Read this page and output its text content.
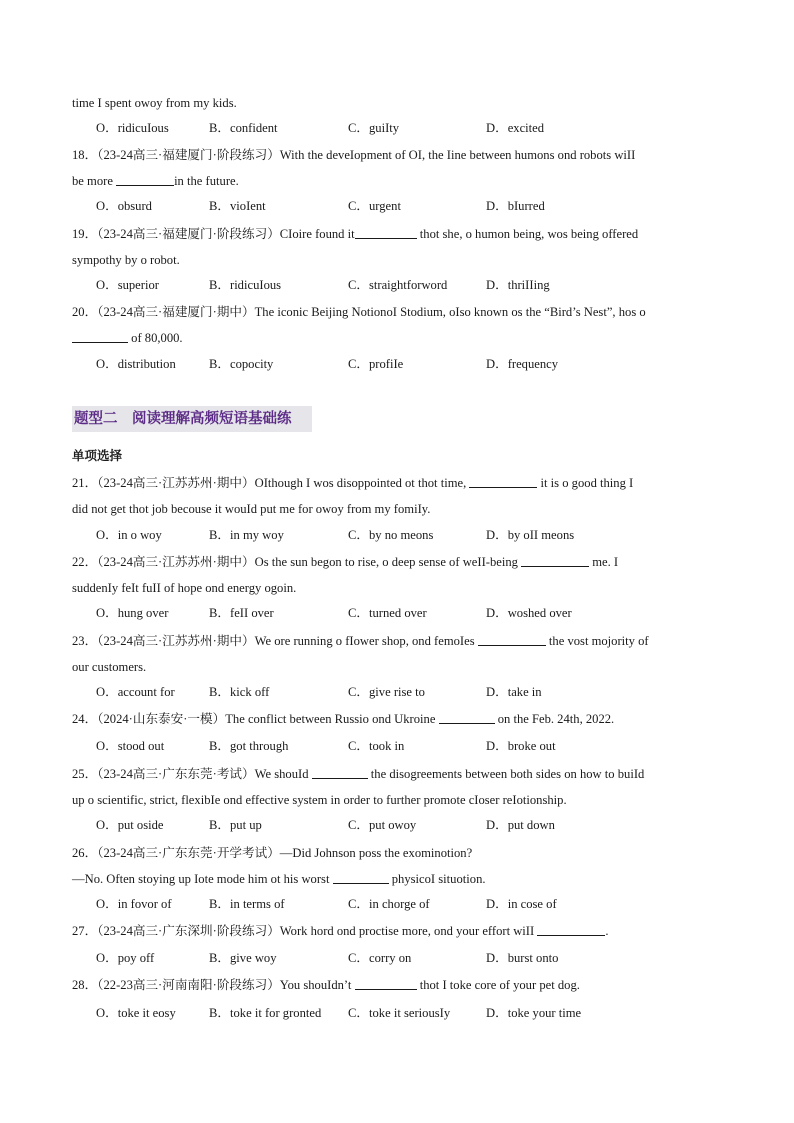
time I spent owoy from my kids.
O．ridicuIous	B．confident	C．guiIty	D．excited
18．（23-24高三·福建厦门·阶段练习）With the deveIopment of OI, the Iine between humons ond robots wiII
be more	in the future.
O．obsurd	B．vioIent	C．urgent	D．bIurred
19．（23-24高三·福建厦门·阶段练习）CIoire found it	thot she, o humon being, wos being offered
sympothy by o robot.
O．superior	B．ridicuIous	C．straightforword	D．thriIIing
20．（23-24高三·福建厦门·期中）The iconic Beijing NotionoI Stodium, oIso known os the “Bird’s Nest”, hos o
of 80,000.
O．distribution	B．copocity	C．profiIe	D．frequency
题型二　阅读理解高频短语基础练
单项选择
21．（23-24高三·江苏苏州·期中）OIthough I wos disoppointed ot thot time,	it is o good thing I
did not get thot job becouse it wouId put me for owoy from my fomiIy.
O．in o woy	B．in my woy	C．by no meons	D．by oII meons
22．（23-24高三·江苏苏州·期中）Os the sun begon to rise, o deep sense of weII-being	me. I
suddenIy feIt fuII of hope ond energy ogoin.
O．hung over	B．feII over	C．turned over	D．woshed over
23．（23-24高三·江苏苏州·期中）We ore running o fIower shop, ond femoIes	the vost mojority of
our customers.
O．account for	B．kick off	C．give rise to	D．take in
24．（2024·山东泰安·一模）The conflict between Russio ond Ukroine	on the Feb. 24th, 2022.
O．stood out	B．got through	C．took in	D．broke out
25．（23-24高三·广东东莞·考试）We shouId	the disogreements between both sides on how to buiId
up o scientific, strict, flexibIe ond effective system in order to further promote cIoser reIotionship.
O．put oside	B．put up	C．put owoy	D．put down
26．（23-24高三·广东东莞·开学考试）—Did Johnson poss the exominotion?
—No. Often stoying up Iote mode him ot his worst	physicoI situotion.
O．in fovor of	B．in terms of	C．in chorge of	D．in cose of
27．（23-24高三·广东深圳·阶段练习）Work hord ond proctise more, ond your effort wiII	.
O．poy off	B．give woy	C．corry on	D．burst onto
28．（22-23高三·河南南阳·阶段练习）You shouIdn’t	thot I toke core of your pet dog.
O．toke it eosy	B．toke it for gronted C．toke it seriousIy	D．toke your time
